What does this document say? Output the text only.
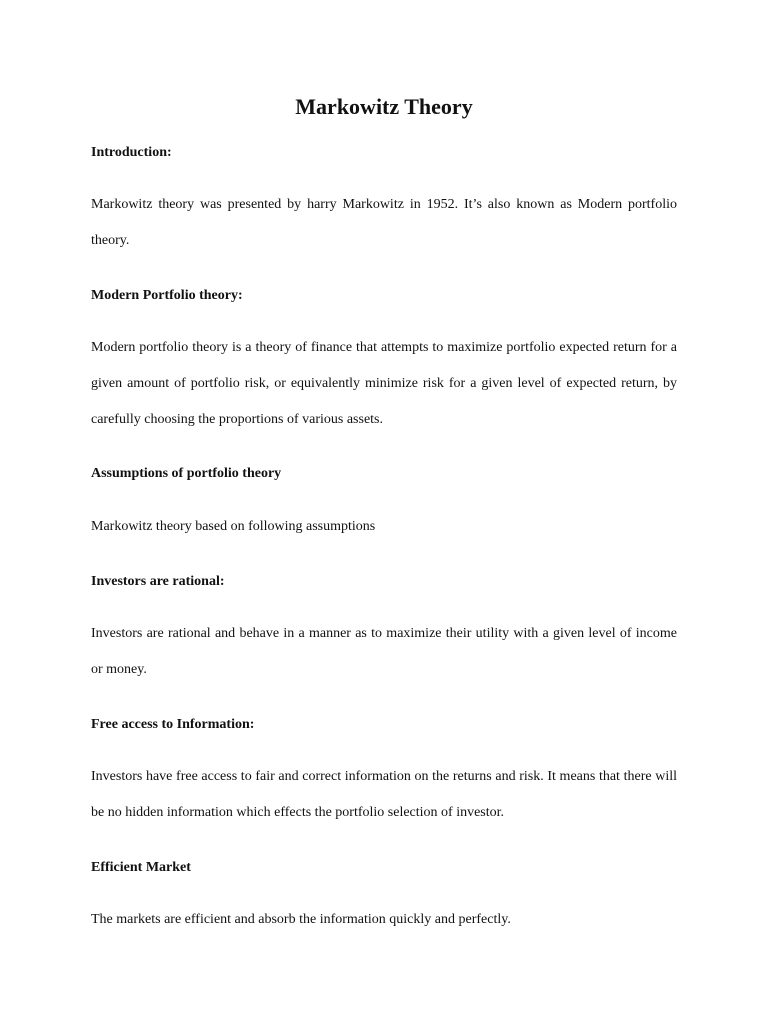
Markowitz Theory
Introduction:

Markowitz theory was presented by harry Markowitz in 1952. It’s also known as Modern portfolio theory.

Modern Portfolio theory:

Modern portfolio theory is a theory of finance that attempts to maximize portfolio expected return for a given amount of portfolio risk, or equivalently minimize risk for a given level of expected return, by carefully choosing the proportions of various assets.

Assumptions of portfolio theory

Markowitz theory based on following assumptions

Investors are rational:

Investors are rational and behave in a manner as to maximize their utility with a given level of income or money.

Free access to Information:

Investors have free access to fair and correct information on the returns and risk. It means that there will be no hidden information which effects the portfolio selection of investor.

Efficient Market

The markets are efficient and absorb the information quickly and perfectly.
